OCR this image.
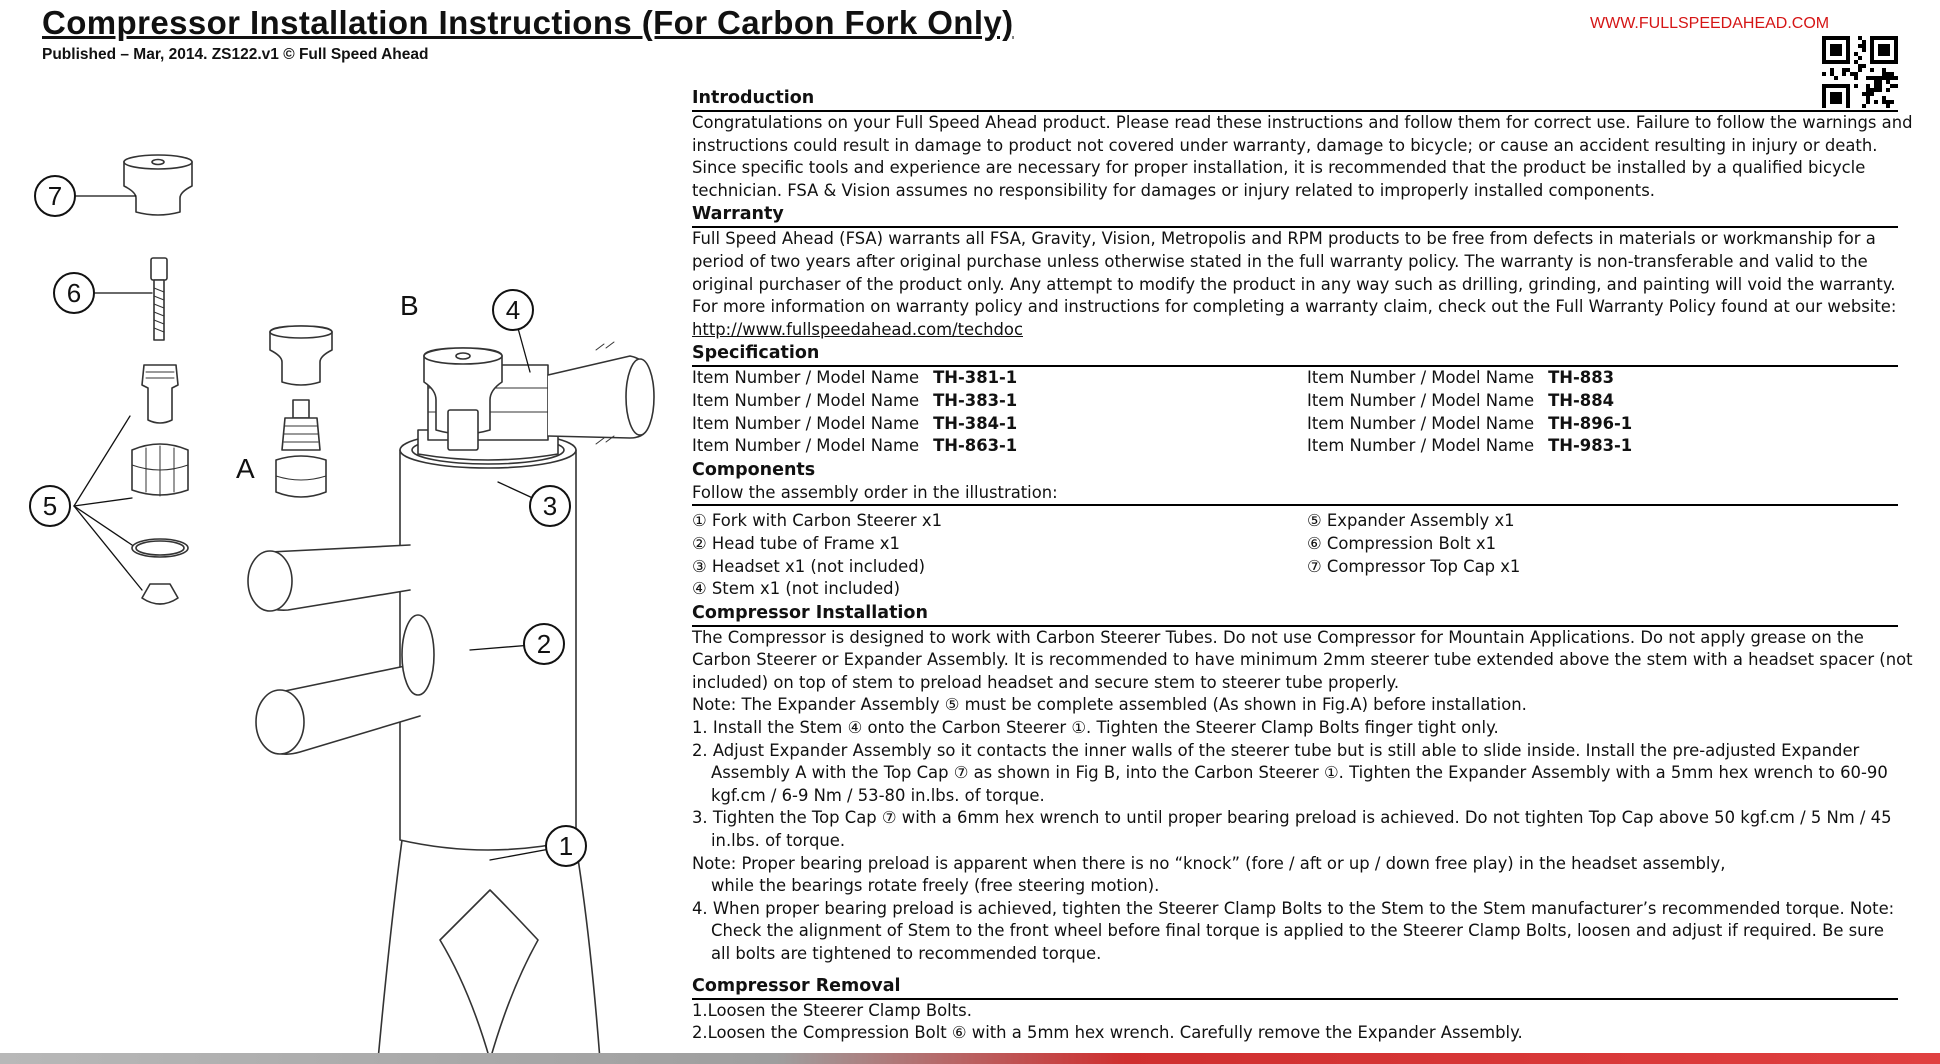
Compressor Installation Instructions (For Carbon Fork Only)
Published – Mar, 2014. ZS122.v1 © Full Speed Ahead
WWW.FULLSPEEDAHEAD.COM
1
2
3
4
5
6
7
B
A
Introduction
Congratulations on your Full Speed Ahead product. Please read these instructions and follow them for correct use. Failure to follow the warnings and
instructions could result in damage to product not covered under warranty, damage to bicycle; or cause an accident resulting in injury or death.
Since specific tools and experience are necessary for proper installation, it is recommended that the product be installed by a qualified bicycle
technician. FSA & Vision assumes no responsibility for damages or injury related to improperly installed components.
Warranty
Full Speed Ahead (FSA) warrants all FSA, Gravity, Vision, Metropolis and RPM products to be free from defects in materials or workmanship for a
period of two years after original purchase unless otherwise stated in the full warranty policy. The warranty is non-transferable and valid to the
original purchaser of the product only. Any attempt to modify the product in any way such as drilling, grinding, and painting will void the warranty.
For more information on warranty policy and instructions for completing a warranty claim, check out the Full Warranty Policy found at our website:
http://www.fullspeedahead.com/techdoc
Specification
Item Number / Model Name TH-381-1
Item Number / Model Name TH-383-1
Item Number / Model Name TH-384-1
Item Number / Model Name TH-863-1
Item Number / Model Name TH-883
Item Number / Model Name TH-884
Item Number / Model Name TH-896-1
Item Number / Model Name TH-983-1
Components
Follow the assembly order in the illustration:
① Fork with Carbon Steerer x1
② Head tube of Frame x1
③ Headset x1 (not included)
④ Stem x1 (not included)
⑤ Expander Assembly x1
⑥ Compression Bolt x1
⑦ Compressor Top Cap x1
Compressor Installation
The Compressor is designed to work with Carbon Steerer Tubes. Do not use Compressor for Mountain Applications. Do not apply grease on the
Carbon Steerer or Expander Assembly. It is recommended to have minimum 2mm steerer tube extended above the stem with a headset spacer (not
included) on top of stem to preload headset and secure stem to steerer tube properly.
Note: The Expander Assembly ⑤ must be complete assembled (As shown in Fig.A) before installation.
1. Install the Stem ④ onto the Carbon Steerer ①. Tighten the Steerer Clamp Bolts finger tight only.
2. Adjust Expander Assembly so it contacts the inner walls of the steerer tube but is still able to slide inside. Install the pre-adjusted Expander
Assembly A with the Top Cap ⑦ as shown in Fig B, into the Carbon Steerer ①. Tighten the Expander Assembly with a 5mm hex wrench to 60-90
kgf.cm / 6-9 Nm / 53-80 in.lbs. of torque.
3. Tighten the Top Cap ⑦ with a 6mm hex wrench to until proper bearing preload is achieved. Do not tighten Top Cap above 50 kgf.cm / 5 Nm / 45
in.lbs. of torque.
Note: Proper bearing preload is apparent when there is no “knock” (fore / aft or up / down free play) in the headset assembly,
while the bearings rotate freely (free steering motion).
4. When proper bearing preload is achieved, tighten the Steerer Clamp Bolts to the Stem to the Stem manufacturer’s recommended torque. Note:
Check the alignment of Stem to the front wheel before final torque is applied to the Steerer Clamp Bolts, loosen and adjust if required. Be sure
all bolts are tightened to recommended torque.
Compressor Removal
1.Loosen the Steerer Clamp Bolts.
2.Loosen the Compression Bolt ⑥ with a 5mm hex wrench. Carefully remove the Expander Assembly.
